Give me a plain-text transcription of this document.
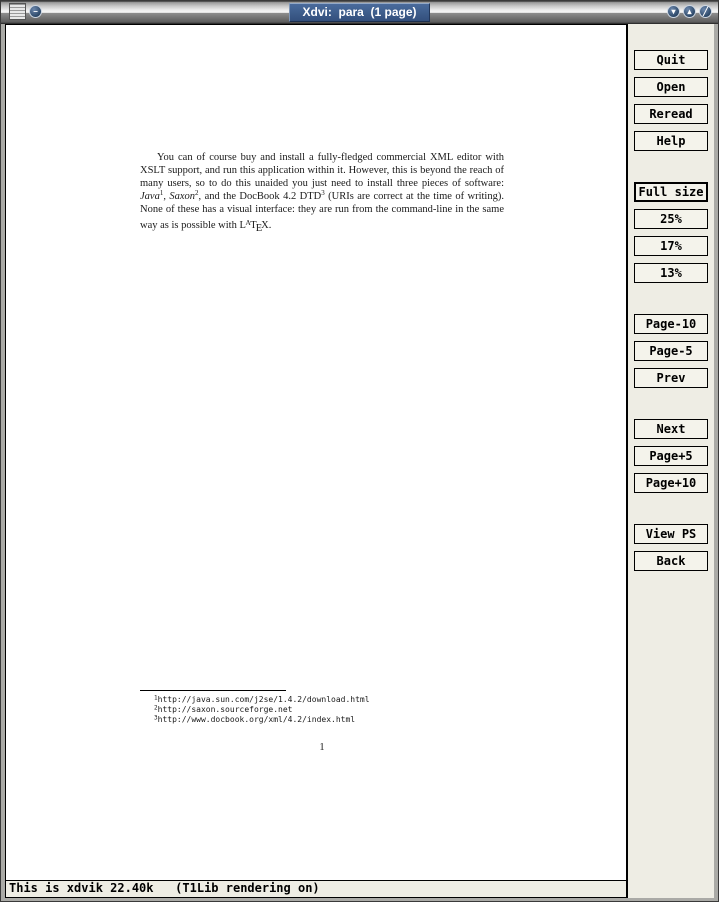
−	Xdvi:  para  (1 page)	▾	▴	╱
You can of course buy and install a fully-fledged commercial XML editor with XSLT support, and run this application within it. However, this is beyond the reach of many users, so to do this unaided you just need to install three pieces of software: Java$^1$, Saxon$^2$, and the DocBook 4.2 DTD$^3$ (URIs are correct at the time of writing). None of these has a visual interface: they are run from the command-line in the same way as is possible with $L^ATEX$.
$^1$http://java.sun.com/j2se/1.4.2/download.html
$^2$http://saxon.sourceforge.net
$^3$http://www.docbook.org/xml/4.2/index.html
1
This is xdvik 22.40k   (T1Lib rendering on)
Quit
Open
Reread
Help
Full size
25%
17%
13%
Page-10
Page-5
Prev
Next
Page+5
Page+10
View PS
Back
